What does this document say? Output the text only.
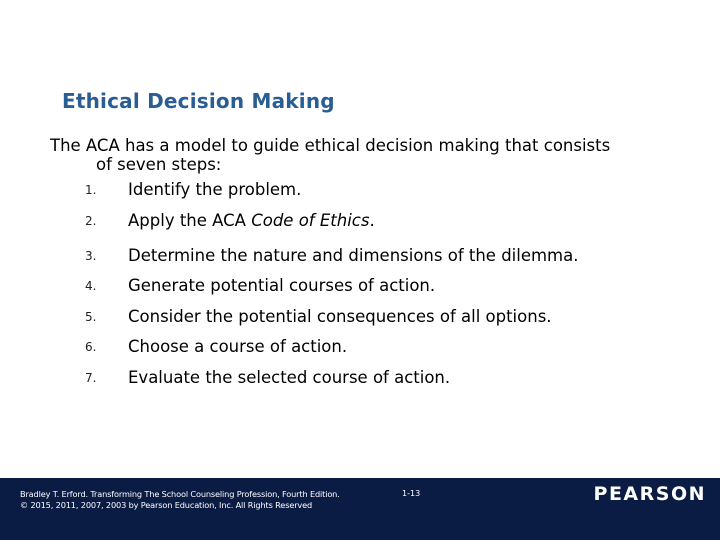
Ethical Decision Making
The ACA has a model to guide ethical decision making that consists
of seven steps:
1. Identify the problem.
2. Apply the ACA Code of Ethics.
3. Determine the nature and dimensions of the dilemma.
4. Generate potential courses of action.
5. Consider the potential consequences of all options.
6. Choose a course of action.
7. Evaluate the selected course of action.
Bradley T. Erford. Transforming The School Counseling Profession, Fourth Edition.
© 2015, 2011, 2007, 2003 by Pearson Education, Inc. All Rights Reserved
1-13	PEARSON
